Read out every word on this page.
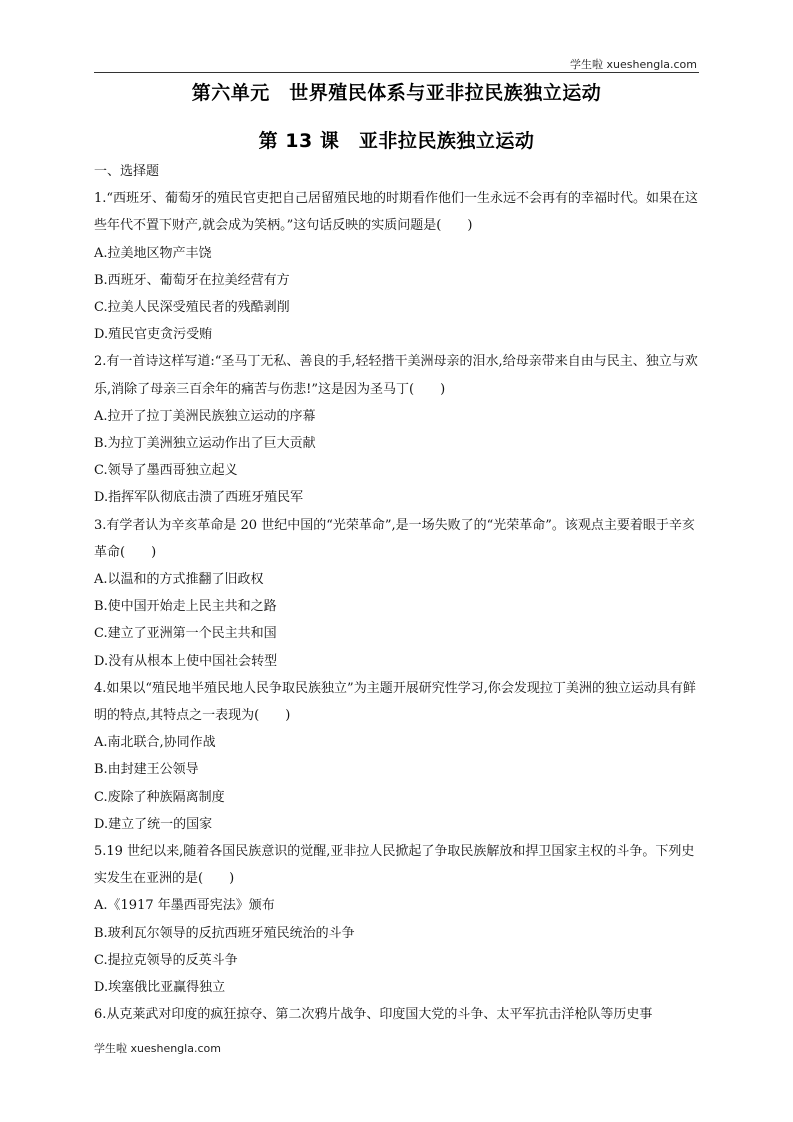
学生啦 xueshengla.com
第六单元　世界殖民体系与亚非拉民族独立运动
第 13 课　亚非拉民族独立运动

一、选择题

1.“西班牙、葡萄牙的殖民官吏把自己居留殖民地的时期看作他们一生永远不会再有的幸福时代。如果在这些年代不置下财产,就会成为笑柄。”这句话反映的实质问题是(　　)

A.拉美地区物产丰饶

B.西班牙、葡萄牙在拉美经营有方

C.拉美人民深受殖民者的残酷剥削

D.殖民官吏贪污受贿

2.有一首诗这样写道:“圣马丁无私、善良的手,轻轻揩干美洲母亲的泪水,给母亲带来自由与民主、独立与欢乐,消除了母亲三百余年的痛苦与伤悲!”这是因为圣马丁(　　)

A.拉开了拉丁美洲民族独立运动的序幕

B.为拉丁美洲独立运动作出了巨大贡献

C.领导了墨西哥独立起义

D.指挥军队彻底击溃了西班牙殖民军

3.有学者认为辛亥革命是 20 世纪中国的“光荣革命”,是一场失败了的“光荣革命”。该观点主要着眼于辛亥革命(　　)

A.以温和的方式推翻了旧政权

B.使中国开始走上民主共和之路

C.建立了亚洲第一个民主共和国

D.没有从根本上使中国社会转型

4.如果以“殖民地半殖民地人民争取民族独立”为主题开展研究性学习,你会发现拉丁美洲的独立运动具有鲜明的特点,其特点之一表现为(　　)

A.南北联合,协同作战

B.由封建王公领导

C.废除了种族隔离制度

D.建立了统一的国家

5.19 世纪以来,随着各国民族意识的觉醒,亚非拉人民掀起了争取民族解放和捍卫国家主权的斗争。下列史实发生在亚洲的是(　　)

A.《1917 年墨西哥宪法》颁布

B.玻利瓦尔领导的反抗西班牙殖民统治的斗争

C.提拉克领导的反英斗争

D.埃塞俄比亚赢得独立

6.从克莱武对印度的疯狂掠夺、第二次鸦片战争、印度国大党的斗争、太平军抗击洋枪队等历史事

学生啦 xueshengla.com
